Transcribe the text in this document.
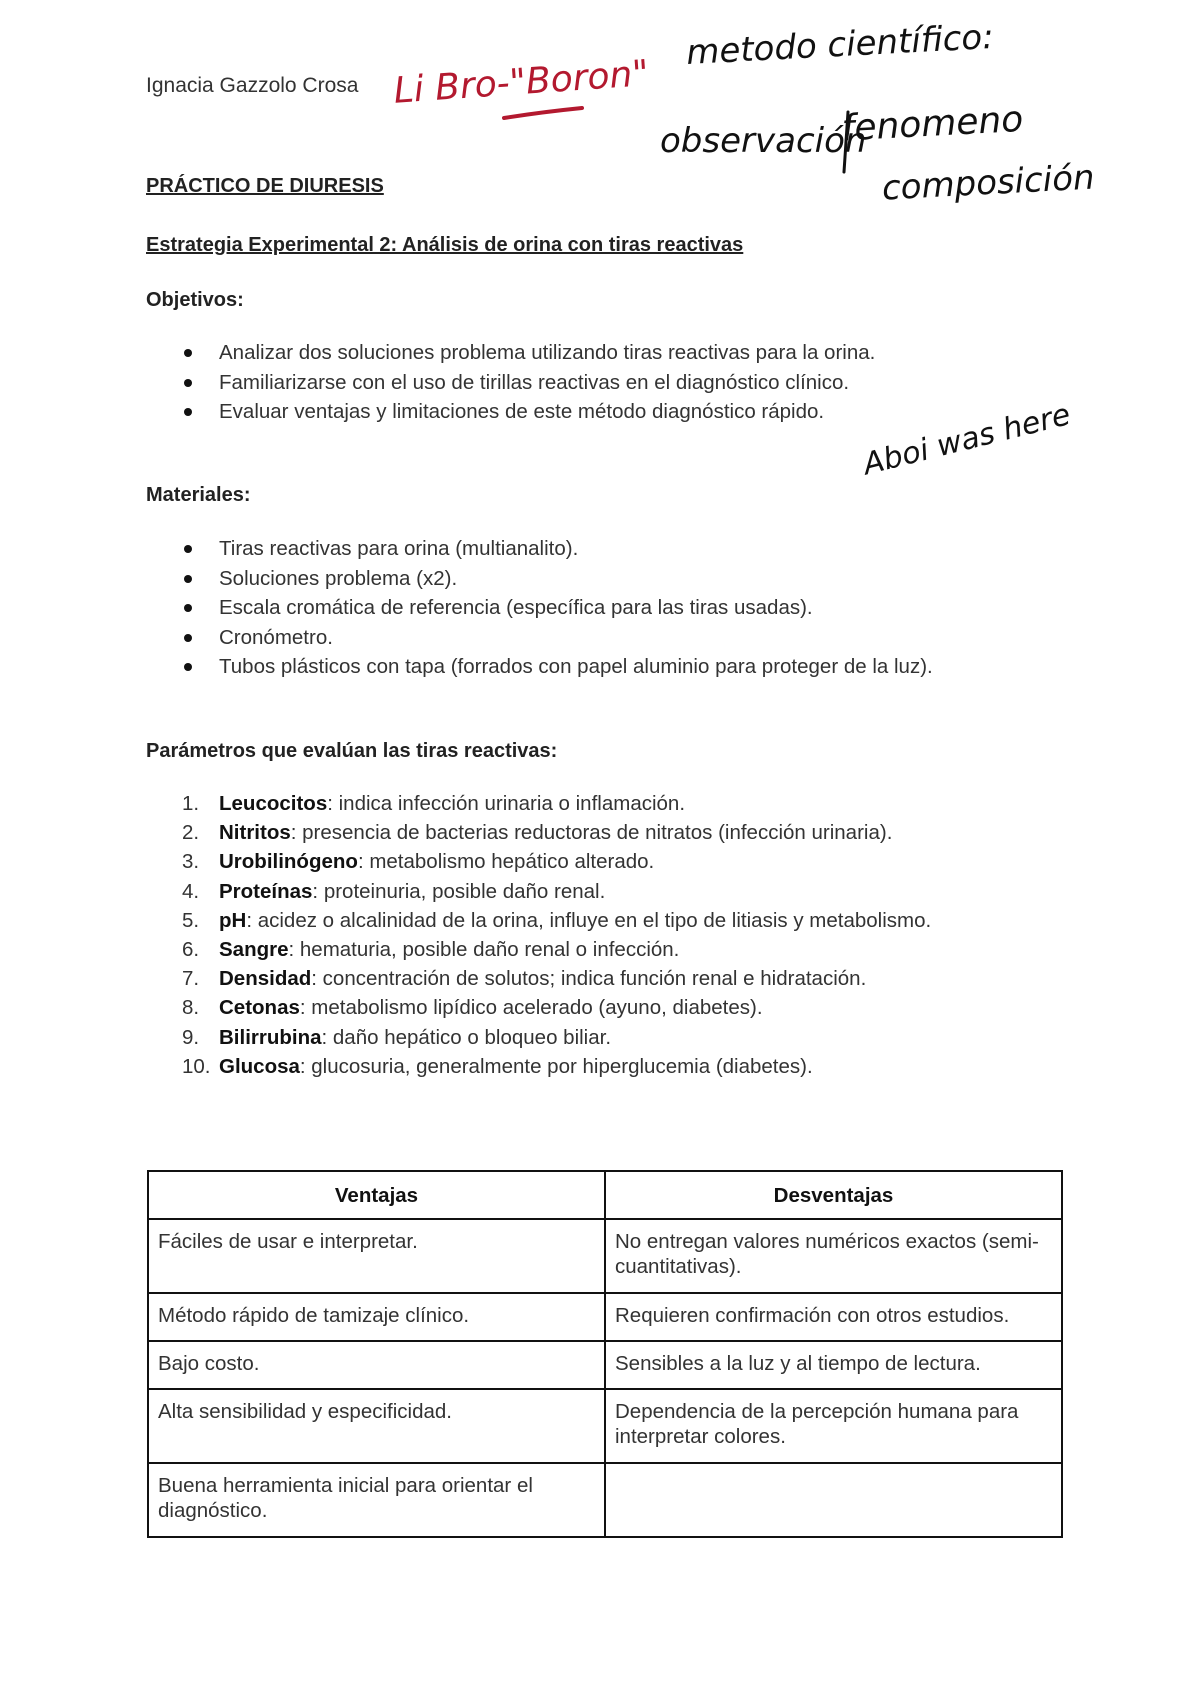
Ignacia Gazzolo Crosa Li Bro-"Boron"
metodo científico:
observación
fenomeno
composición
Aboi was here
PRÁCTICO DE DIURESIS
Estrategia Experimental 2: Análisis de orina con tiras reactivas
Objetivos:
Analizar dos soluciones problema utilizando tiras reactivas para la orina.
Familiarizarse con el uso de tirillas reactivas en el diagnóstico clínico.
Evaluar ventajas y limitaciones de este método diagnóstico rápido.
Materiales:
Tiras reactivas para orina (multianalito).
Soluciones problema (x2).
Escala cromática de referencia (específica para las tiras usadas).
Cronómetro.
Tubos plásticos con tapa (forrados con papel aluminio para proteger de la luz).
Parámetros que evalúan las tiras reactivas:
1. Leucocitos: indica infección urinaria o inflamación.
2. Nitritos: presencia de bacterias reductoras de nitratos (infección urinaria).
3. Urobilinógeno: metabolismo hepático alterado.
4. Proteínas: proteinuria, posible daño renal.
5. pH: acidez o alcalinidad de la orina, influye en el tipo de litiasis y metabolismo.
6. Sangre: hematuria, posible daño renal o infección.
7. Densidad: concentración de solutos; indica función renal e hidratación.
8. Cetonas: metabolismo lipídico acelerado (ayuno, diabetes).
9. Bilirrubina: daño hepático o bloqueo biliar.
10. Glucosa: glucosuria, generalmente por hiperglucemia (diabetes).
Ventajas	Desventajas
Fáciles de usar e interpretar.	No entregan valores numéricos exactos (semi-cuantitativas).
Método rápido de tamizaje clínico.	Requieren confirmación con otros estudios.
Bajo costo.	Sensibles a la luz y al tiempo de lectura.
Alta sensibilidad y especificidad.	Dependencia de la percepción humana para interpretar colores.
Buena herramienta inicial para orientar el diagnóstico.	
